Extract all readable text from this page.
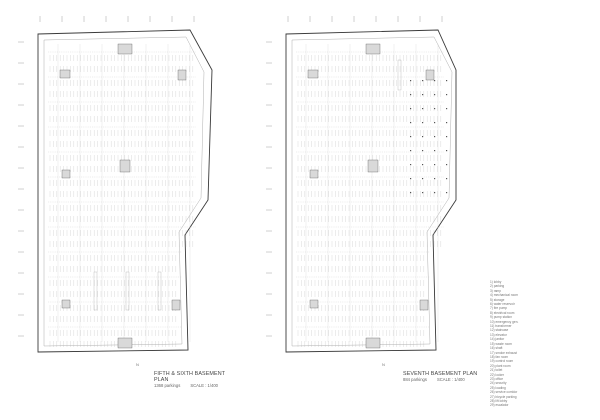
N	N
FIFTH & SIXTH BASEMENT PLAN
1368 parkings SCALE : 1/400
SEVENTH BASEMENT PLAN
884 parkings SCALE : 1/400
1) lobby
2) parking
3) ramp
4) mechanical room
5) storage
6) water reservoir
7) fire pump
8) electrical room
9) pump station
10) emergency gen.
11) transformer
12) staircase
13) elevator
14) janitor
15) waste room
16) shaft
17) smoke exhaust
18) fan room
19) control room
20) plant room
21) toilet
22) locker
23) office
24) security
25) loading
26) service corridor
27) bicycle parking
28) lift lobby
29) escalator
